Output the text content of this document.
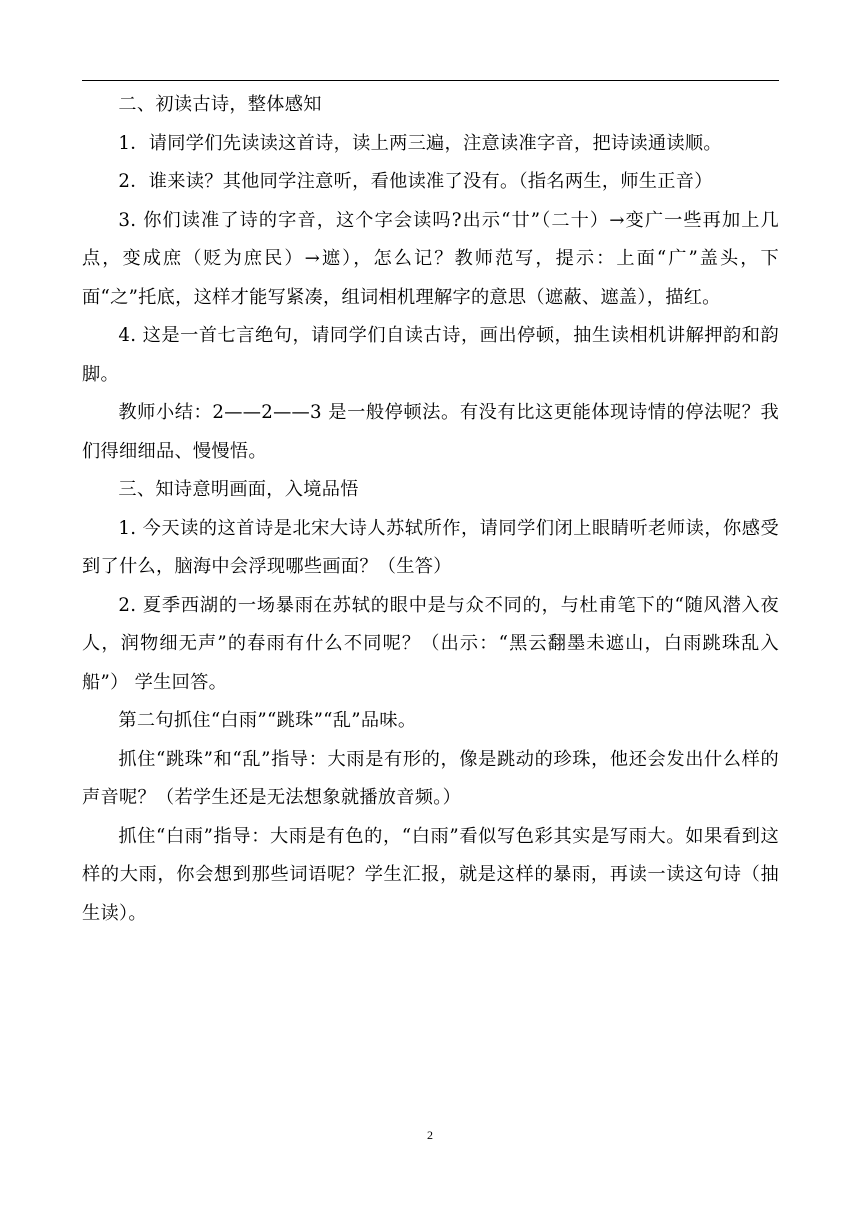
二、初读古诗，整体感知

1．请同学们先读读这首诗，读上两三遍，注意读准字音，把诗读通读顺。

2．谁来读？其他同学注意听，看他读准了没有。（指名两生，师生正音）

3. 你们读准了诗的字音，这个字会读吗?出示“廿”（二十）→变广一些再加上几点，变成庶（贬为庶民）→遮），怎么记？教师范写，提示：上面“广”盖头，下面“之”托底，这样才能写紧凑，组词相机理解字的意思（遮蔽、遮盖），描红。

4. 这是一首七言绝句，请同学们自读古诗，画出停顿，抽生读相机讲解押韵和韵脚。

教师小结：2——2——3 是一般停顿法。有没有比这更能体现诗情的停法呢？我们得细细品、慢慢悟。

三、知诗意明画面，入境品悟

1. 今天读的这首诗是北宋大诗人苏轼所作，请同学们闭上眼睛听老师读，你感受到了什么，脑海中会浮现哪些画面？（生答）

2. 夏季西湖的一场暴雨在苏轼的眼中是与众不同的，与杜甫笔下的“随风潜入夜人，润物细无声”的春雨有什么不同呢？（出示：“黑云翻墨未遮山，白雨跳珠乱入船”） 学生回答。

第二句抓住“白雨”“跳珠”“乱”品味。

抓住“跳珠”和“乱”指导：大雨是有形的，像是跳动的珍珠，他还会发出什么样的声音呢？（若学生还是无法想象就播放音频。）

抓住“白雨”指导：大雨是有色的，“白雨”看似写色彩其实是写雨大。如果看到这样的大雨，你会想到那些词语呢？学生汇报，就是这样的暴雨，再读一读这句诗（抽生读）。

2
